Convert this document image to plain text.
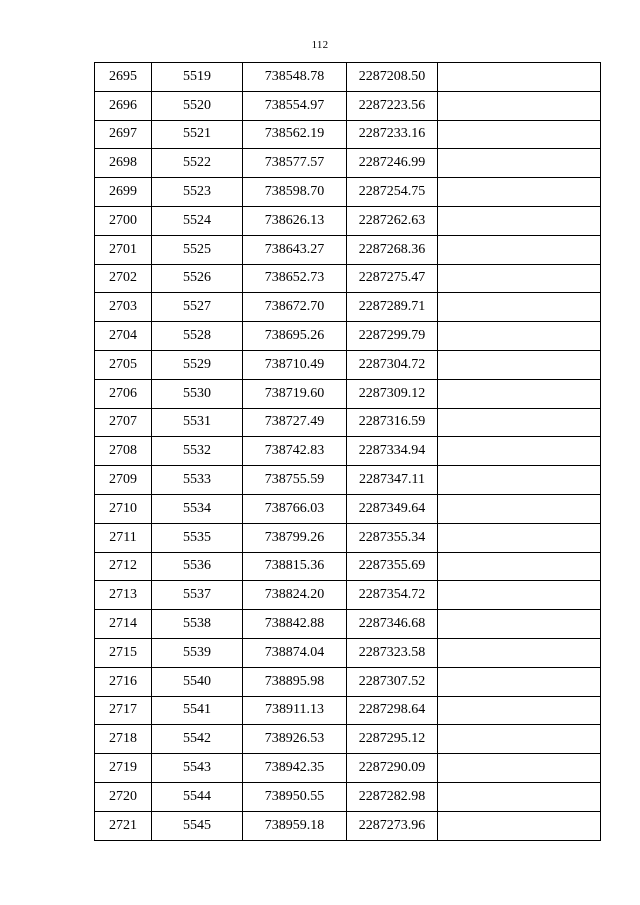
112
2695	5519	738548.78	2287208.50	
2696	5520	738554.97	2287223.56	
2697	5521	738562.19	2287233.16	
2698	5522	738577.57	2287246.99	
2699	5523	738598.70	2287254.75	
2700	5524	738626.13	2287262.63	
2701	5525	738643.27	2287268.36	
2702	5526	738652.73	2287275.47	
2703	5527	738672.70	2287289.71	
2704	5528	738695.26	2287299.79	
2705	5529	738710.49	2287304.72	
2706	5530	738719.60	2287309.12	
2707	5531	738727.49	2287316.59	
2708	5532	738742.83	2287334.94	
2709	5533	738755.59	2287347.11	
2710	5534	738766.03	2287349.64	
2711	5535	738799.26	2287355.34	
2712	5536	738815.36	2287355.69	
2713	5537	738824.20	2287354.72	
2714	5538	738842.88	2287346.68	
2715	5539	738874.04	2287323.58	
2716	5540	738895.98	2287307.52	
2717	5541	738911.13	2287298.64	
2718	5542	738926.53	2287295.12	
2719	5543	738942.35	2287290.09	
2720	5544	738950.55	2287282.98	
2721	5545	738959.18	2287273.96	
